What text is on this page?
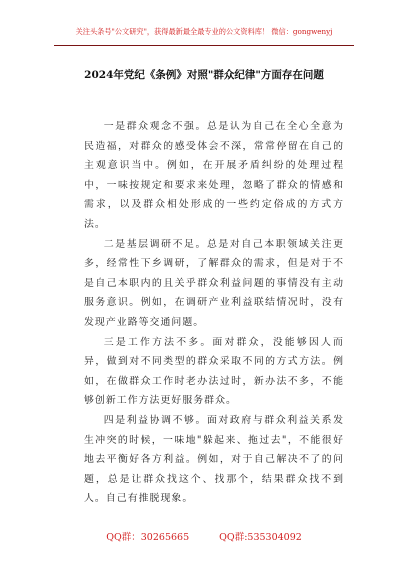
关注头条号"公文研究"，获得最新最全最专业的公文资料库！ 微信：gongwenyj
2024年党纪《条例》对照"群众纪律"方面存在问题

一是群众观念不强。总是认为自己在全心全意为民造福，对群众的感受体会不深，常常停留在自己的主观意识当中。例如，在开展矛盾纠纷的处理过程中，一味按规定和要求来处理，忽略了群众的情感和需求，以及群众相处形成的一些约定俗成的方式方法。

二是基层调研不足。总是对自己本职领域关注更多，经常性下乡调研，了解群众的需求，但是对于不是自己本职内的且关乎群众利益问题的事情没有主动服务意识。例如，在调研产业利益联结情况时，没有发现产业路等交通问题。

三是工作方法不多。面对群众，没能够因人而异，做到对不同类型的群众采取不同的方式方法。例如，在做群众工作时老办法过时，新办法不多，不能够创新工作方法更好服务群众。

四是利益协调不够。面对政府与群众利益关系发生冲突的时候，一味地"躲起来、拖过去"，不能很好地去平衡好各方利益。例如，对于自己解决不了的问题，总是让群众找这个、找那个，结果群众找不到人。自己有推脱现象。

QQ群：30265665	QQ群:535304092
